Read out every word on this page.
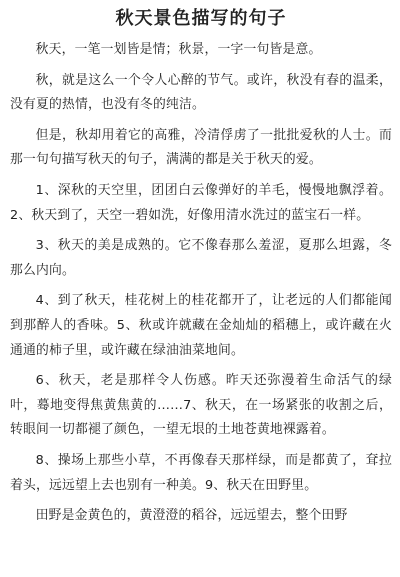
秋天景色描写的句子

秋天，一笔一划皆是情；秋景，一字一句皆是意。

秋，就是这么一个令人心醉的节气。或许，秋没有春的温柔，没有夏的热情，也没有冬的纯洁。

但是，秋却用着它的高雅，冷清俘虏了一批批爱秋的人士。而那一句句描写秋天的句子，满满的都是关于秋天的爱。

1、深秋的天空里，团团白云像弹好的羊毛，慢慢地飘浮着。2、秋天到了，天空一碧如洗，好像用清水洗过的蓝宝石一样。

3、秋天的美是成熟的。它不像春那么羞涩，夏那么坦露，冬那么内向。

4、到了秋天，桂花树上的桂花都开了，让老远的人们都能闻到那醉人的香味。5、秋或许就藏在金灿灿的稻穗上，或许藏在火通通的柿子里，或许藏在绿油油菜地间。

6、秋天，老是那样令人伤感。昨天还弥漫着生命活气的绿叶，蓦地变得焦黄焦黄的……7、秋天，在一场紧张的收割之后，转眼间一切都褪了颜色，一望无垠的土地苍黄地裸露着。

8、操场上那些小草，不再像春天那样绿，而是都黄了，耷拉着头，远远望上去也别有一种美。9、秋天在田野里。

田野是金黄色的，黄澄澄的稻谷，远远望去，整个田野
